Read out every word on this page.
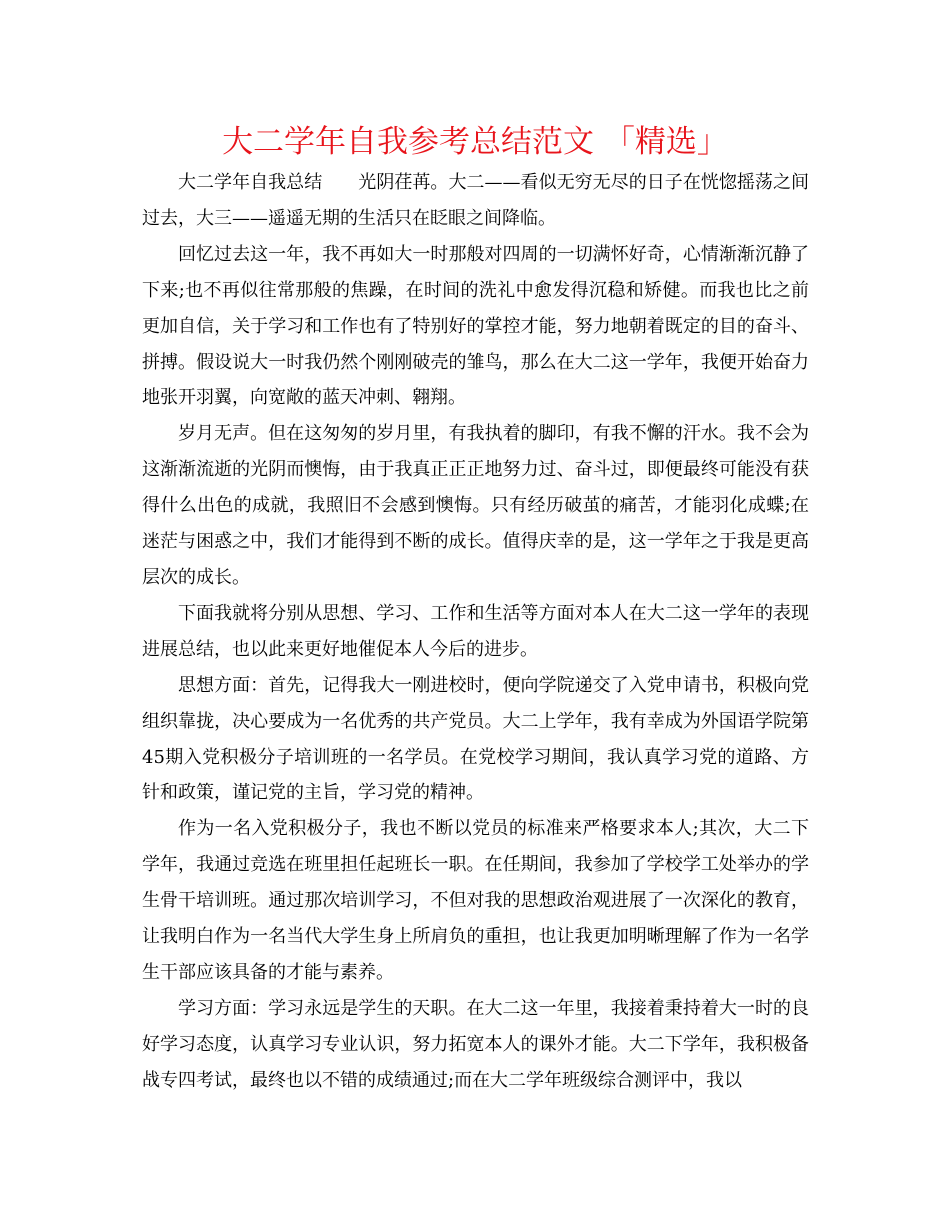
大二学年自我参考总结范文 「精选」

大二学年自我总结　　光阴荏苒。大二——看似无穷无尽的日子在恍惚摇荡之间过去，大三——遥遥无期的生活只在眨眼之间降临。

回忆过去这一年，我不再如大一时那般对四周的一切满怀好奇，心情渐渐沉静了下来;也不再似往常那般的焦躁，在时间的洗礼中愈发得沉稳和矫健。而我也比之前更加自信，关于学习和工作也有了特别好的掌控才能，努力地朝着既定的目的奋斗、拼搏。假设说大一时我仍然个刚刚破壳的雏鸟，那么在大二这一学年，我便开始奋力地张开羽翼，向宽敞的蓝天冲刺、翱翔。

岁月无声。但在这匆匆的岁月里，有我执着的脚印，有我不懈的汗水。我不会为这渐渐流逝的光阴而懊悔，由于我真正正正地努力过、奋斗过，即便最终可能没有获得什么出色的成就，我照旧不会感到懊悔。只有经历破茧的痛苦，才能羽化成蝶;在迷茫与困惑之中，我们才能得到不断的成长。值得庆幸的是，这一学年之于我是更高层次的成长。

下面我就将分别从思想、学习、工作和生活等方面对本人在大二这一学年的表现进展总结，也以此来更好地催促本人今后的进步。

思想方面：首先，记得我大一刚进校时，便向学院递交了入党申请书，积极向党组织靠拢，决心要成为一名优秀的共产党员。大二上学年，我有幸成为外国语学院第45期入党积极分子培训班的一名学员。在党校学习期间，我认真学习党的道路、方针和政策，谨记党的主旨，学习党的精神。

作为一名入党积极分子，我也不断以党员的标准来严格要求本人;其次，大二下学年，我通过竞选在班里担任起班长一职。在任期间，我参加了学校学工处举办的学生骨干培训班。通过那次培训学习，不但对我的思想政治观进展了一次深化的教育，让我明白作为一名当代大学生身上所肩负的重担，也让我更加明晰理解了作为一名学生干部应该具备的才能与素养。

学习方面：学习永远是学生的天职。在大二这一年里，我接着秉持着大一时的良好学习态度，认真学习专业认识，努力拓宽本人的课外才能。大二下学年，我积极备战专四考试，最终也以不错的成绩通过;而在大二学年班级综合测评中，我以
